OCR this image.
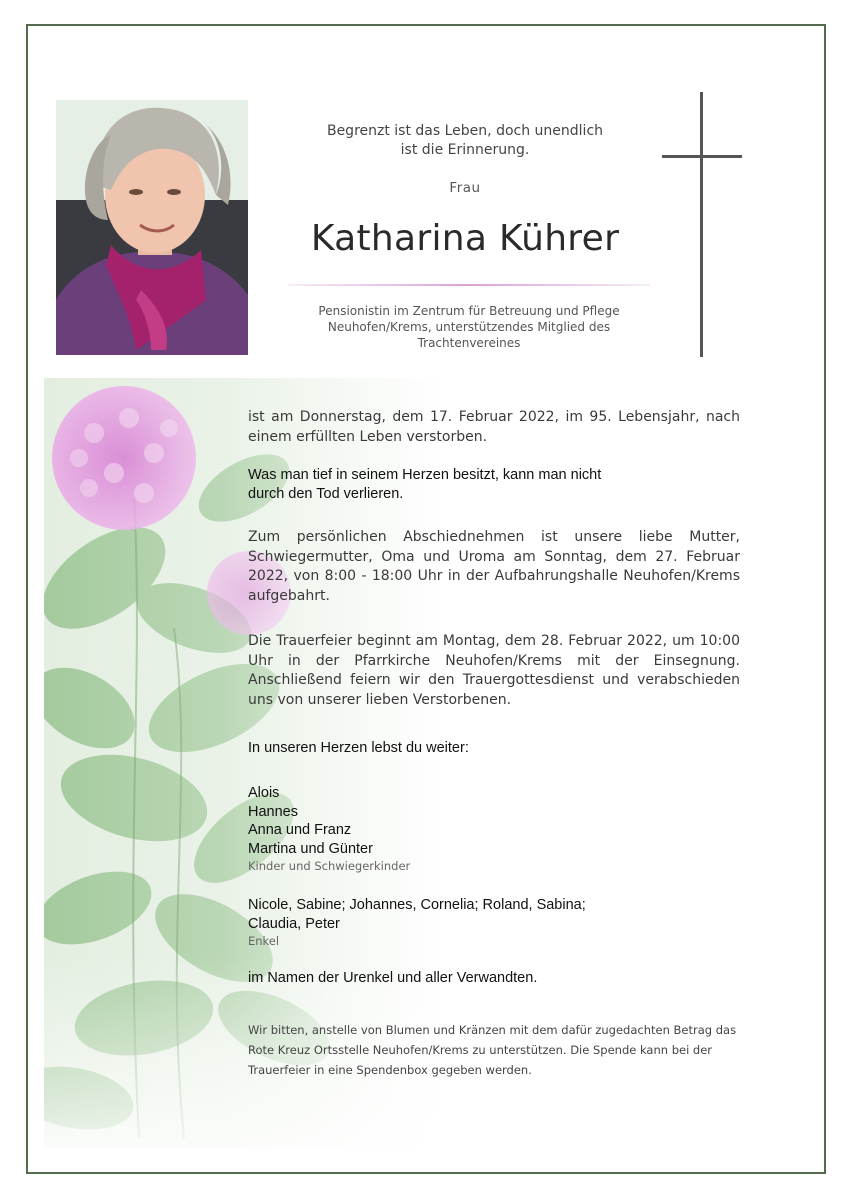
Begrenzt ist das Leben, doch unendlich
ist die Erinnerung.
Frau
Katharina Kührer
Pensionistin im Zentrum für Betreuung und Pflege
Neuhofen/Krems, unterstützendes Mitglied des
Trachtenvereines

ist am Donnerstag, dem 17. Februar 2022, im 95. Lebensjahr, nach einem erfüllten Leben verstorben.

Was man tief in seinem Herzen besitzt, kann man nicht
durch den Tod verlieren.

Zum persönlichen Abschiednehmen ist unsere liebe Mutter, Schwiegermutter, Oma und Uroma am Sonntag, dem 27. Februar 2022, von 8:00 - 18:00 Uhr in der Aufbahrungshalle Neuhofen/Krems aufgebahrt.

Die Trauerfeier beginnt am Montag, dem 28. Februar 2022, um 10:00 Uhr in der Pfarrkirche Neuhofen/Krems mit der Einsegnung. Anschließend feiern wir den Trauergottesdienst und verabschieden uns von unserer lieben Verstorbenen.

In unseren Herzen lebst du weiter:
Alois
Hannes
Anna und Franz
Martina und Günter
Kinder und Schwiegerkinder
Nicole, Sabine; Johannes, Cornelia; Roland, Sabina; Claudia, Peter
Enkel
im Namen der Urenkel und aller Verwandten.
Wir bitten, anstelle von Blumen und Kränzen mit dem dafür zugedachten Betrag das
Rote Kreuz Ortsstelle Neuhofen/Krems zu unterstützen. Die Spende kann bei der
Trauerfeier in eine Spendenbox gegeben werden.
